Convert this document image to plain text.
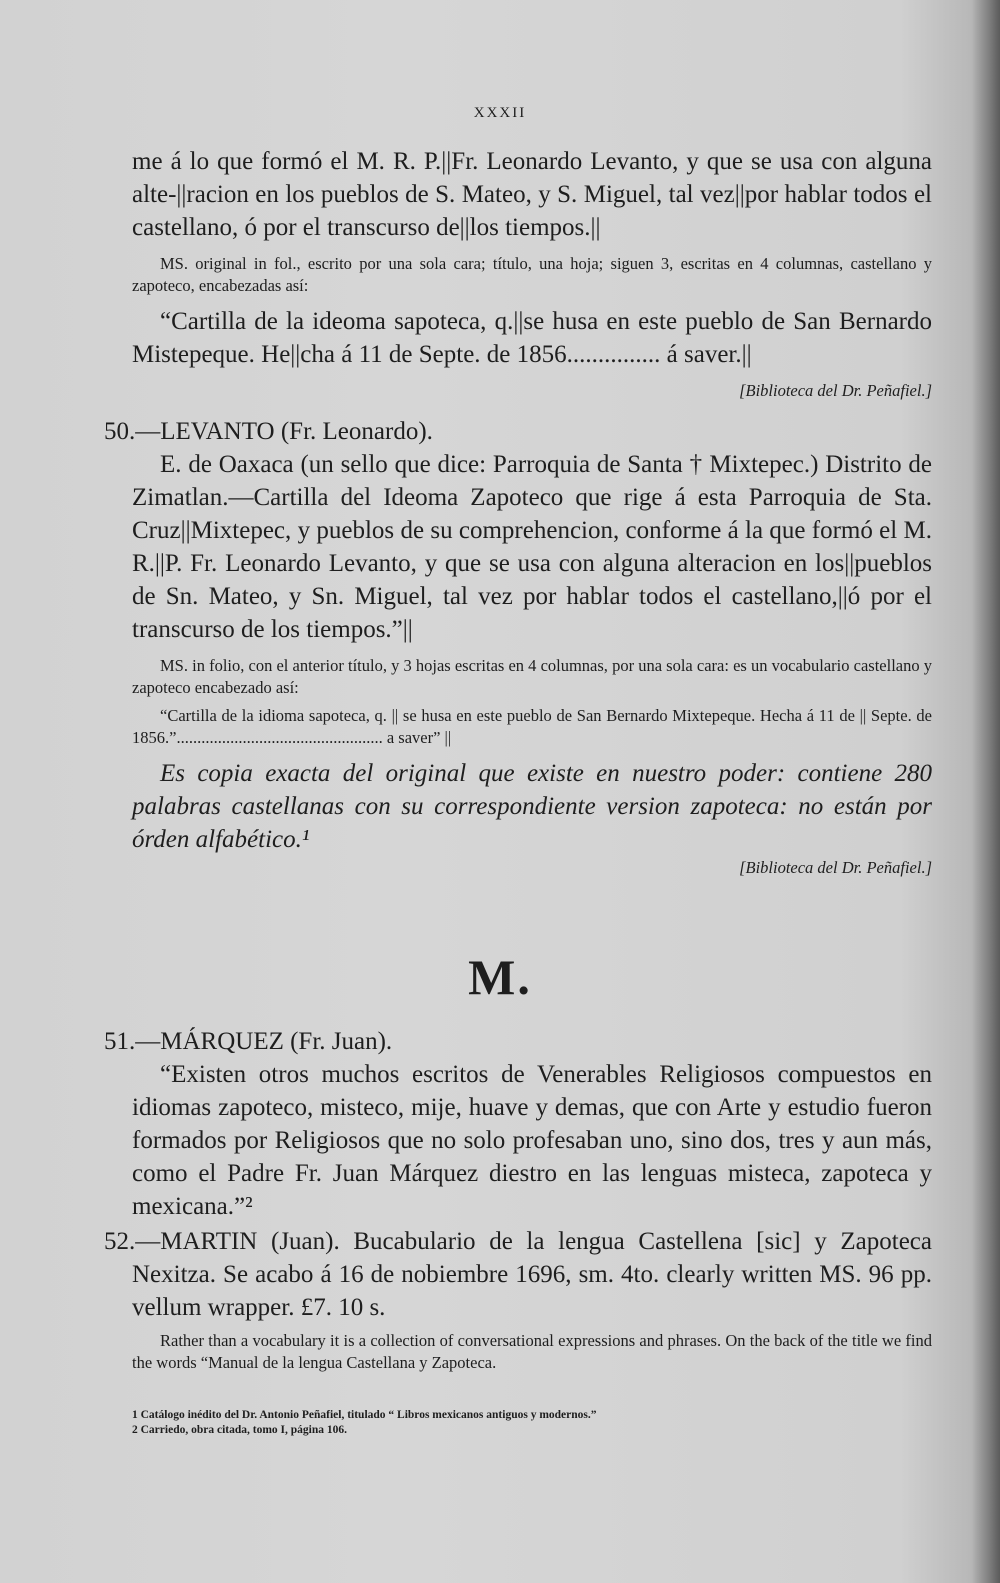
XXXII

me á lo que formó el M. R. P.||Fr. Leonardo Levanto, y que se usa con alguna alte-||racion en los pueblos de S. Mateo, y S. Miguel, tal vez||por hablar todos el castellano, ó por el transcurso de||los tiempos.||

MS. original in fol., escrito por una sola cara; título, una hoja; siguen 3, escritas en 4 columnas, castellano y zapoteco, encabezadas así:

“Cartilla de la ideoma sapoteca, q.||se husa en este pueblo de San Bernardo Mistepeque. He||cha á 11 de Septe. de 1856............... á saver.||

[Biblioteca del Dr. Peñafiel.]

50.—LEVANTO (Fr. Leonardo).

E. de Oaxaca (un sello que dice: Parroquia de Santa † Mixtepec.) Distrito de Zimatlan.—Cartilla del Ideoma Zapoteco que rige á esta Parroquia de Sta. Cruz||Mixtepec, y pueblos de su comprehencion, conforme á la que formó el M. R.||P. Fr. Leonardo Levanto, y que se usa con alguna alteracion en los||pueblos de Sn. Mateo, y Sn. Miguel, tal vez por hablar todos el castellano,||ó por el transcurso de los tiempos.”||

MS. in folio, con el anterior título, y 3 hojas escritas en 4 columnas, por una sola cara: es un vocabulario castellano y zapoteco encabezado así:

“Cartilla de la idioma sapoteca, q. || se husa en este pueblo de San Bernardo Mixtepeque. Hecha á 11 de || Septe. de 1856.”.................................................. a saver” ||

Es copia exacta del original que existe en nuestro poder: contiene 280 palabras castellanas con su correspondiente version zapoteca: no están por órden alfabético.¹

[Biblioteca del Dr. Peñafiel.]

M.

51.—MÁRQUEZ (Fr. Juan).

“Existen otros muchos escritos de Venerables Religiosos compuestos en idiomas zapoteco, misteco, mije, huave y demas, que con Arte y estudio fueron formados por Religiosos que no solo profesaban uno, sino dos, tres y aun más, como el Padre Fr. Juan Márquez diestro en las lenguas misteca, zapoteca y mexicana.”²

52.—MARTIN (Juan). Bucabulario de la lengua Castellena [sic] y Zapoteca Nexitza. Se acabo á 16 de nobiembre 1696, sm. 4to. clearly written MS. 96 pp. vellum wrapper. £7. 10 s.

Rather than a vocabulary it is a collection of conversational expressions and phrases. On the back of the title we find the words “Manual de la lengua Castellana y Zapoteca.

1 Catálogo inédito del Dr. Antonio Peñafiel, titulado “ Libros mexicanos antiguos y modernos.”

2 Carriedo, obra citada, tomo I, página 106.
